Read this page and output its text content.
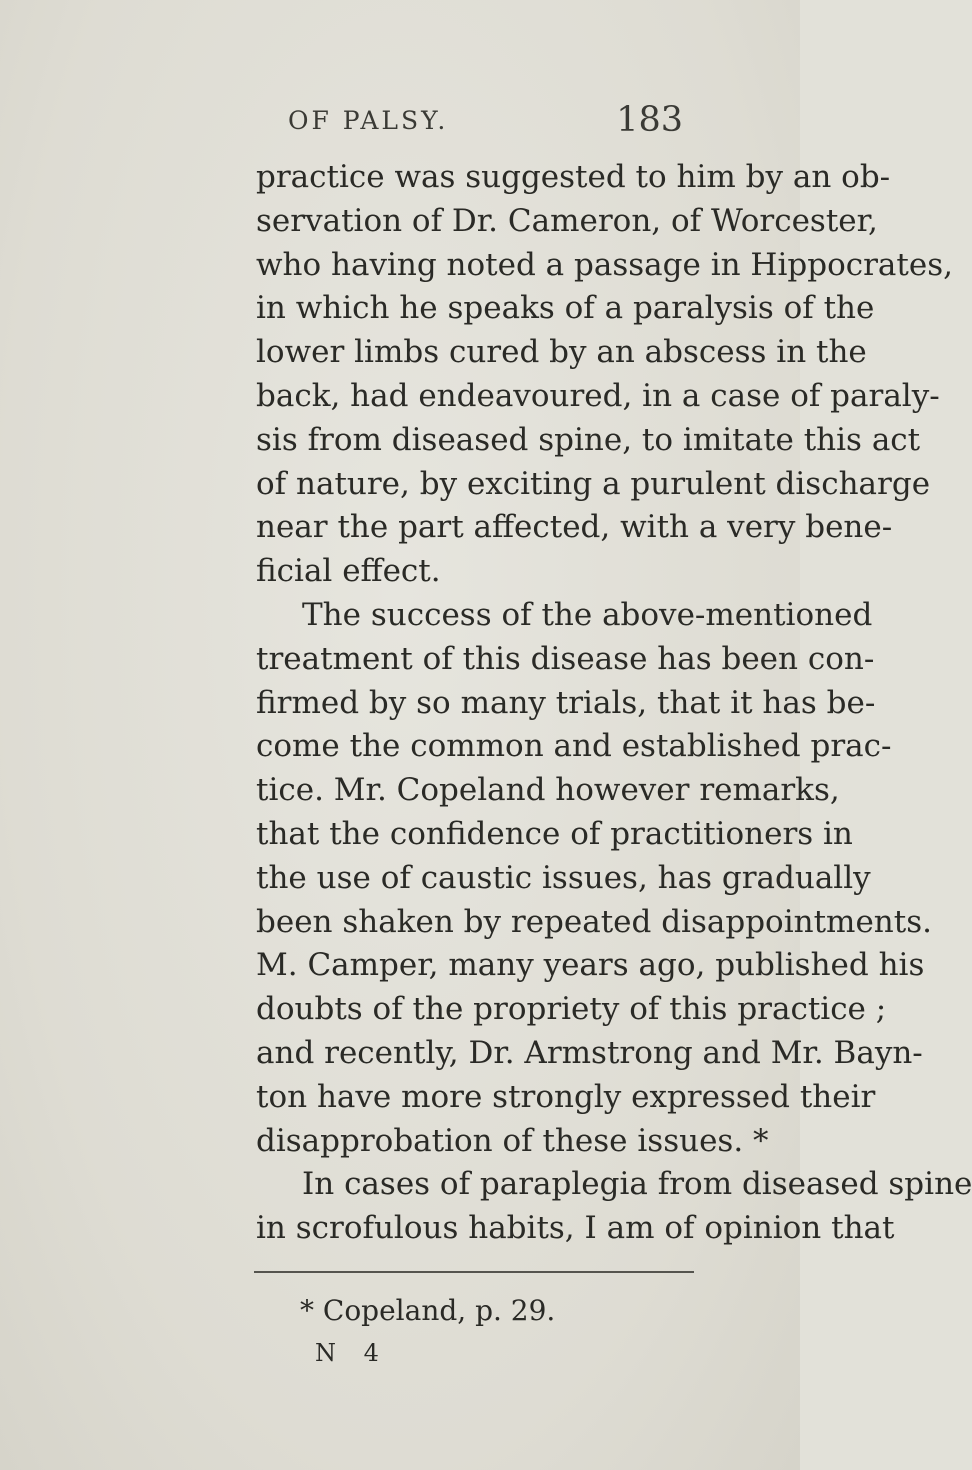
OF PALSY.	183
practice was suggested to him by an ob-
servation of Dr. Cameron, of Worcester,
who having noted a passage in Hippocrates,
in which he speaks of a paralysis of the
lower limbs cured by an abscess in the
back, had endeavoured, in a case of paraly-
sis from diseased spine, to imitate this act
of nature, by exciting a purulent discharge
near the part affected, with a very bene-
ficial effect.
The success of the above-mentioned
treatment of this disease has been con-
firmed by so many trials, that it has be-
come the common and established prac-
tice. Mr. Copeland however remarks,
that the confidence of practitioners in
the use of caustic issues, has gradually
been shaken by repeated disappointments.
M. Camper, many years ago, published his
doubts of the propriety of this practice ;
and recently, Dr. Armstrong and Mr. Bayn-
ton have more strongly expressed their
disapprobation of these issues. *
In cases of paraplegia from diseased spine
in scrofulous habits, I am of opinion that
* Copeland, p. 29.
N 4
